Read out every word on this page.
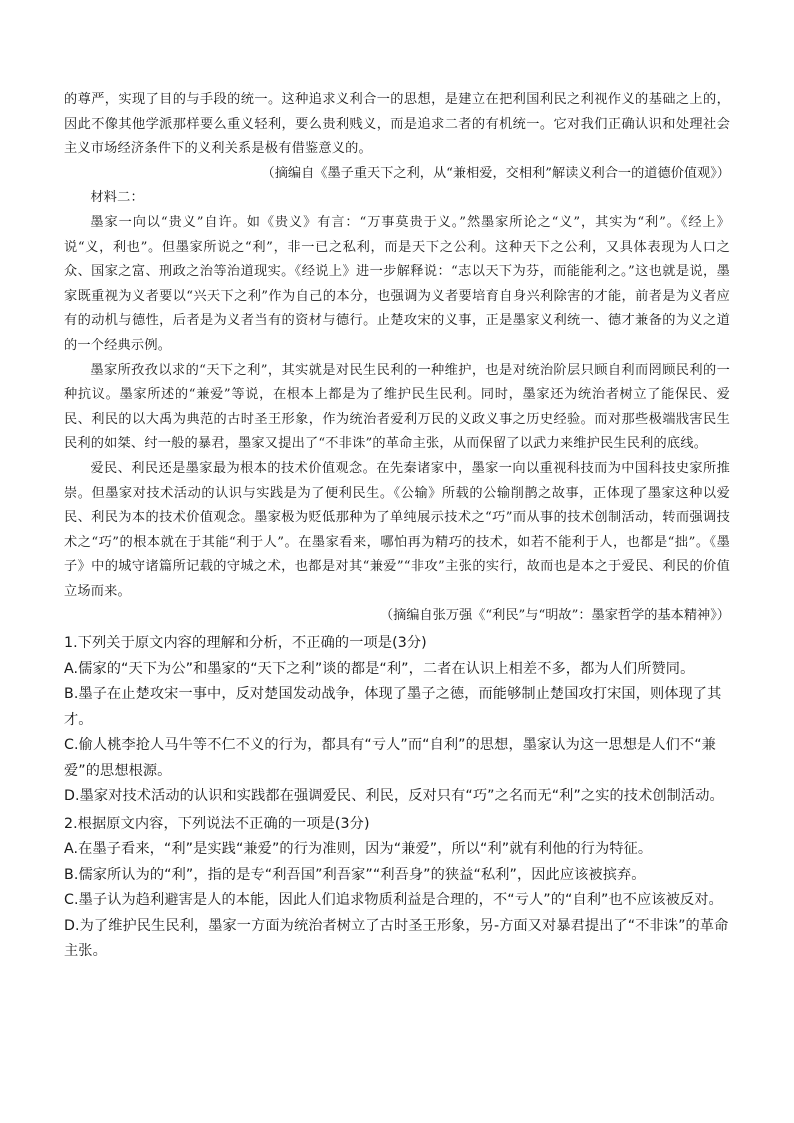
的尊严，实现了目的与手段的统一。这种追求义利合一的思想，是建立在把利国利民之利视作义的基础之上的，因此不像其他学派那样要么重义轻利，要么贵利贱义，而是追求二者的有机统一。它对我们正确认识和处理社会主义市场经济条件下的义利关系是极有借鉴意义的。

（摘编自《墨子重天下之利，从“兼相爱，交相利”解读义利合一的道德价值观》）

材料二：

墨家一向以“贵义”自许。如《贵义》有言：“万事莫贵于义。”然墨家所论之“义”，其实为“利”。《经上》说“义，利也”。但墨家所说之“利”，非一已之私利，而是天下之公利。这种天下之公利，又具体表现为人口之众、国家之富、刑政之治等治道现实。《经说上》进一步解释说：“志以天下为芬，而能能利之。”这也就是说，墨家既重视为义者要以“兴天下之利”作为自己的本分，也强调为义者要培育自身兴利除害的才能，前者是为义者应有的动机与德性，后者是为义者当有的资材与德行。止楚攻宋的义事，正是墨家义利统一、德才兼备的为义之道的一个经典示例。

墨家所孜孜以求的“天下之利”，其实就是对民生民利的一种维护，也是对统治阶层只顾自利而罔顾民利的一种抗议。墨家所述的“兼爱”等说，在根本上都是为了维护民生民利。同时，墨家还为统治者树立了能保民、爱民、利民的以大禹为典范的古时圣王形象，作为统治者爱利万民的义政义事之历史经验。而对那些极端戕害民生民利的如桀、纣一般的暴君，墨家又提出了“不非诛”的革命主张，从而保留了以武力来维护民生民利的底线。

爱民、利民还是墨家最为根本的技术价值观念。在先秦诸家中，墨家一向以重视科技而为中国科技史家所推崇。但墨家对技术活动的认识与实践是为了便利民生。《公输》所载的公输削鹊之故事，正体现了墨家这种以爱民、利民为本的技术价值观念。墨家极为贬低那种为了单纯展示技术之“巧”而从事的技术创制活动，转而强调技术之“巧”的根本就在于其能“利于人”。在墨家看来，哪怕再为精巧的技术，如若不能利于人，也都是“拙”。《墨子》中的城守诸篇所记载的守城之术，也都是对其“兼爱”“非攻”主张的实行，故而也是本之于爱民、利民的价值立场而来。

（摘编自张万强《“利民”与“明故”：墨家哲学的基本精神》）

1.下列关于原文内容的理解和分析，不正确的一项是(3分)

A.儒家的“天下为公”和墨家的“天下之利”谈的都是“利”，二者在认识上相差不多，都为人们所赞同。

B.墨子在止楚攻宋一事中，反对楚国发动战争，体现了墨子之德，而能够制止楚国攻打宋国，则体现了其才。

C.偷人桃李抢人马牛等不仁不义的行为，都具有“亏人”而“自利”的思想，墨家认为这一思想是人们不“兼爱”的思想根源。

D.墨家对技术活动的认识和实践都在强调爱民、利民，反对只有“巧”之名而无“利”之实的技术创制活动。

2.根据原文内容，下列说法不正确的一项是(3分)

A.在墨子看来，“利”是实践“兼爱”的行为准则，因为“兼爱”，所以“利”就有利他的行为特征。

B.儒家所认为的“利”，指的是专“利吾国”利吾家”“利吾身”的狭益“私利”，因此应该被摈弃。

C.墨子认为趋利避害是人的本能，因此人们追求物质利益是合理的，不“亏人”的“自利”也不应该被反对。

D.为了维护民生民利，墨家一方面为统治者树立了古时圣王形象，另-方面又对暴君提出了“不非诛”的革命主张。
